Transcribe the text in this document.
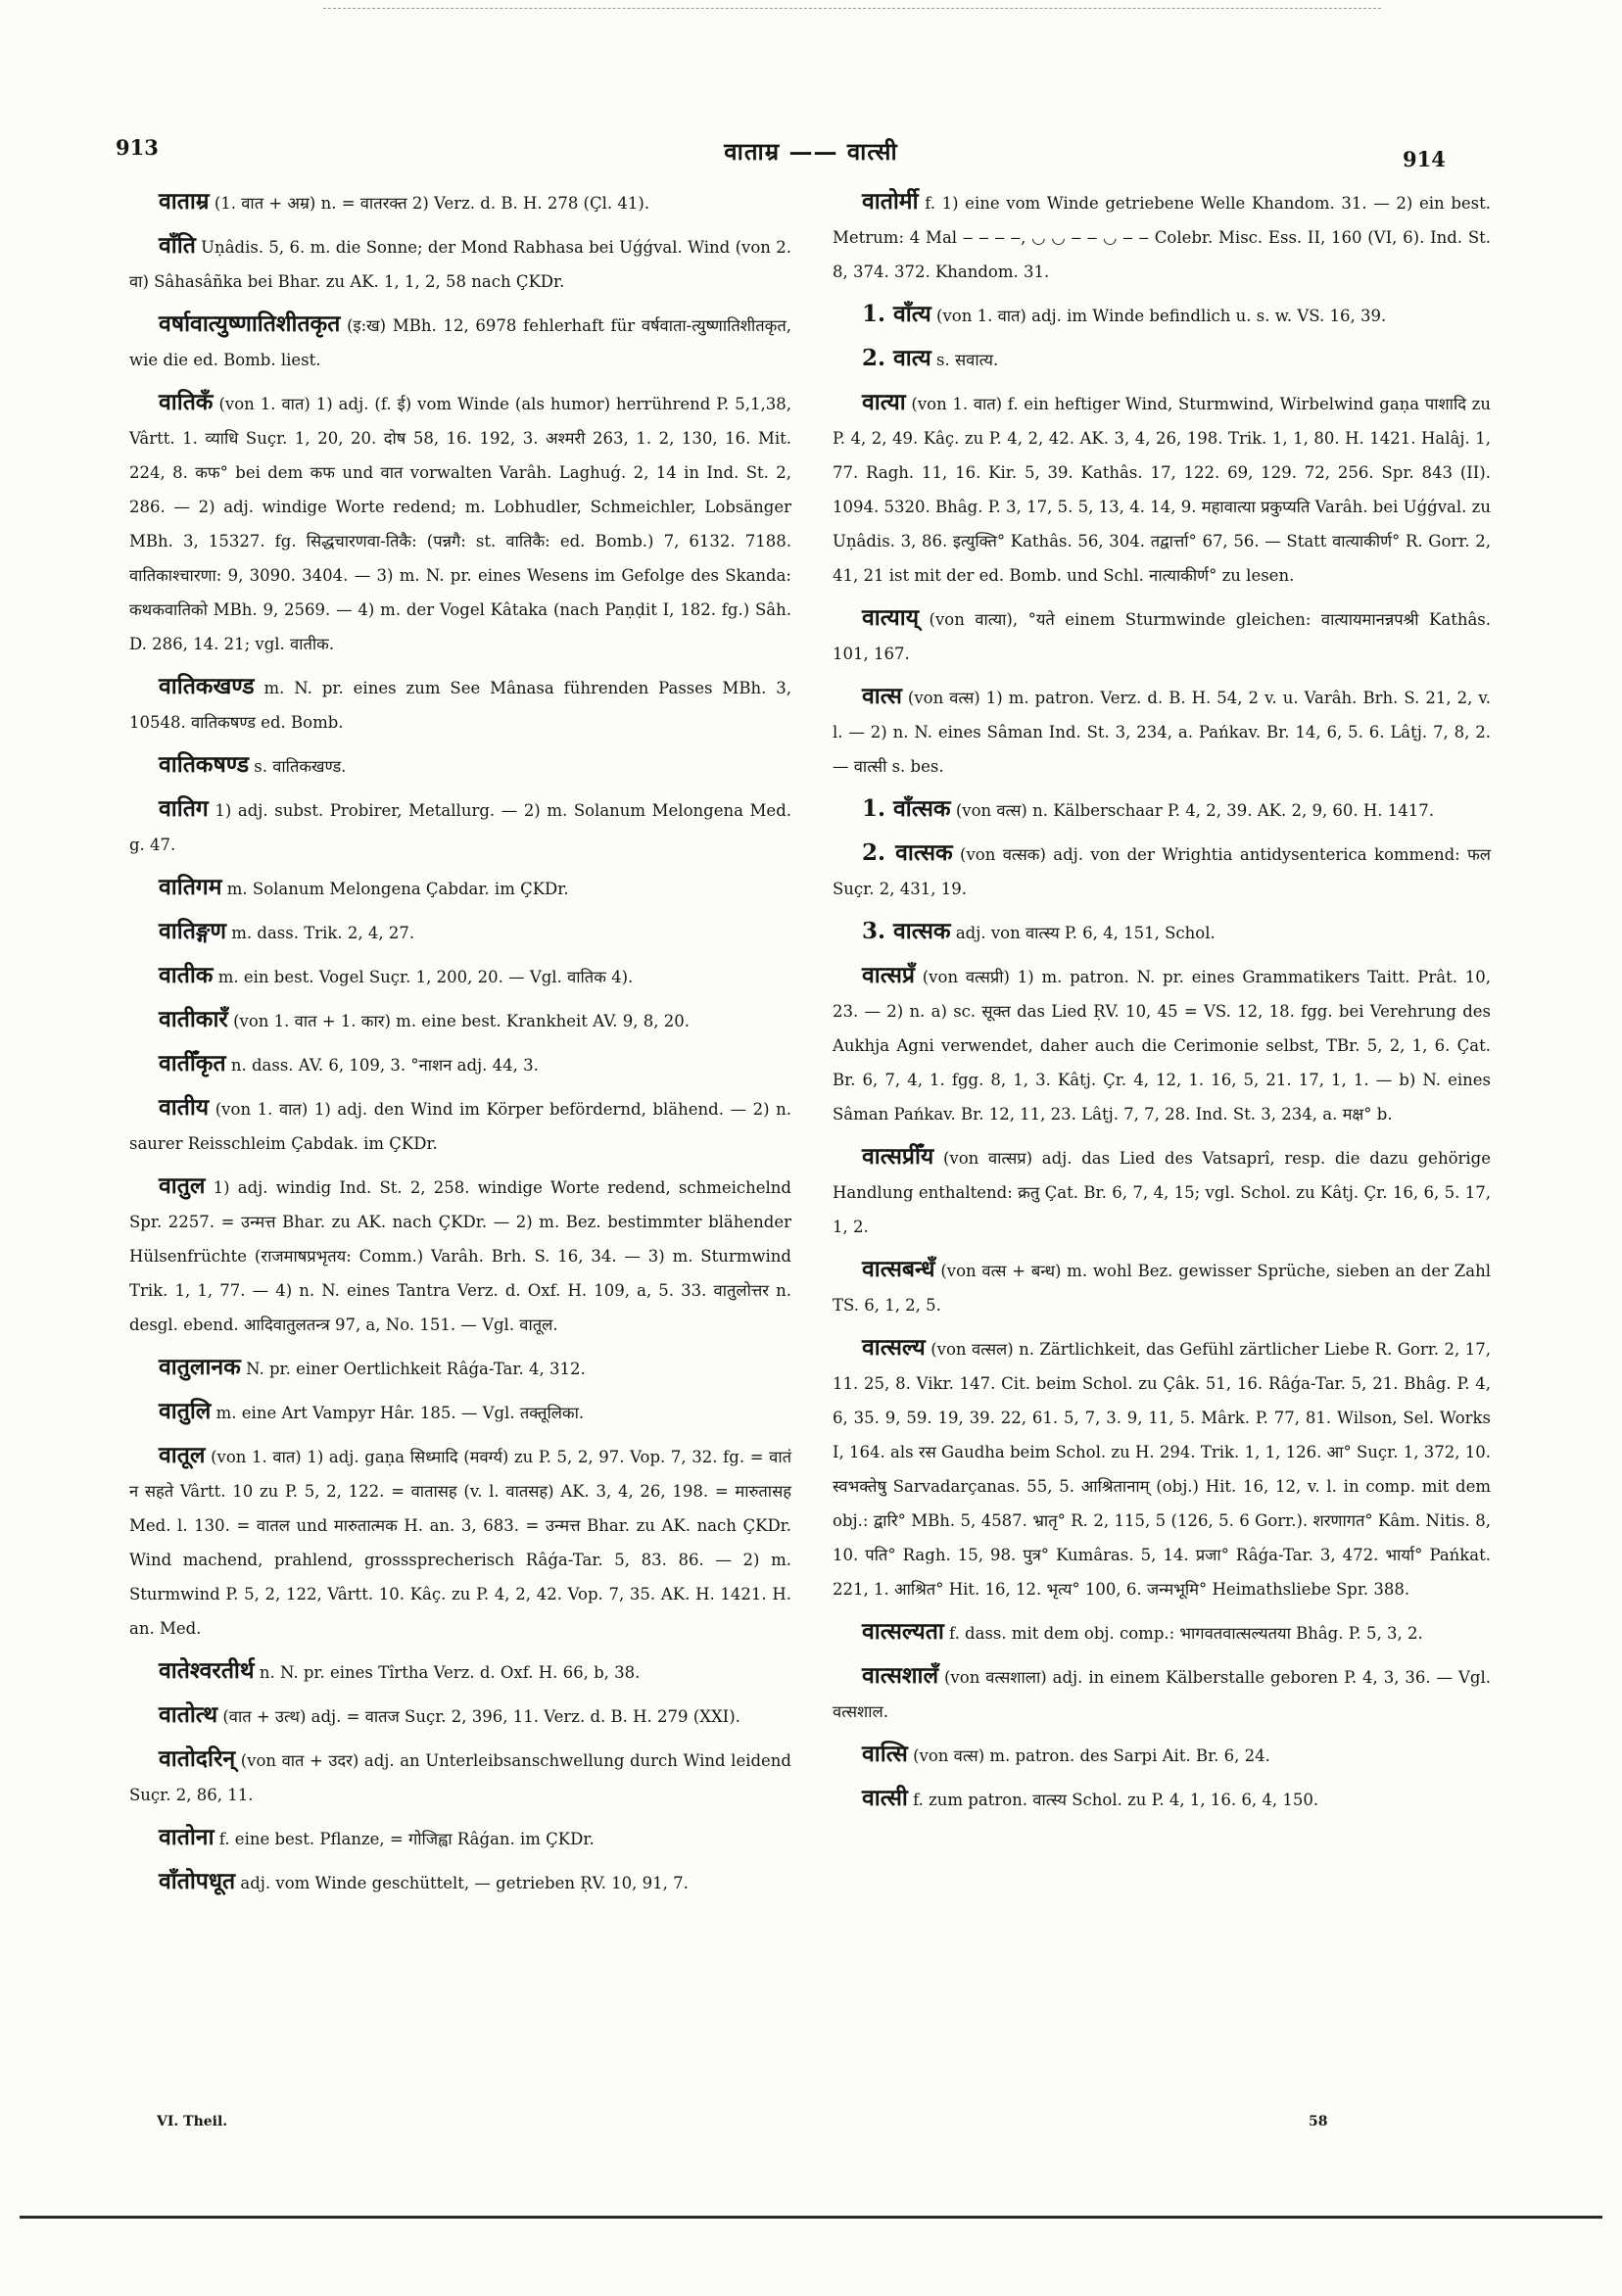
913	वाताम्र —— वात्सी	914

वाताम्र (1. वात + अम्र) n. = वातरक्त 2) Verz. d. B. H. 278 (Çl. 41).

वाँति Uṇâdis. 5, 6. m. die Sonne; der Mond Rabhasa bei Uǵǵval. Wind (von 2. वा) Sâhasâñka bei Bhar. zu AK. 1, 1, 2, 58 nach ÇKDr.

वर्षावात्युष्णातिशीतकृत (इ:ख) MBh. 12, 6978 fehlerhaft für वर्षवाता-त्युष्णातिशीतकृत, wie die ed. Bomb. liest.

वातिकँ (von 1. वात) 1) adj. (f. ई) vom Winde (als humor) herrührend P. 5,1,38, Vârtt. 1. व्याधि Suçr. 1, 20, 20. दोष 58, 16. 192, 3. अश्मरी 263, 1. 2, 130, 16. Mit. 224, 8. कफ° bei dem कफ und वात vorwalten Varâh. Laghuǵ. 2, 14 in Ind. St. 2, 286. — 2) adj. windige Worte redend; m. Lobhudler, Schmeichler, Lobsänger MBh. 3, 15327. fg. सिद्धचारणवा-तिकै: (पन्नगै: st. वातिकै: ed. Bomb.) 7, 6132. 7188. वातिकाश्चारणा: 9, 3090. 3404. — 3) m. N. pr. eines Wesens im Gefolge des Skanda: कथकवातिको MBh. 9, 2569. — 4) m. der Vogel Kâtaka (nach Paṇḍit I, 182. fg.) Sâh. D. 286, 14. 21; vgl. वातीक.

वातिकखण्ड m. N. pr. eines zum See Mânasa führenden Passes MBh. 3, 10548. वातिकषण्ड ed. Bomb.

वातिकषण्ड s. वातिकखण्ड.

वातिग 1) adj. subst. Probirer, Metallurg. — 2) m. Solanum Melongena Med. g. 47.

वातिगम m. Solanum Melongena Çabdar. im ÇKDr.

वातिङ्गण m. dass. Trik. 2, 4, 27.

वातीक m. ein best. Vogel Suçr. 1, 200, 20. — Vgl. वातिक 4).

वातीकारँ (von 1. वात + 1. कार) m. eine best. Krankheit AV. 9, 8, 20.

वातीँकृत n. dass. AV. 6, 109, 3. °नाशन adj. 44, 3.

वातीय (von 1. वात) 1) adj. den Wind im Körper befördernd, blähend. — 2) n. saurer Reisschleim Çabdak. im ÇKDr.

वातुल 1) adj. windig Ind. St. 2, 258. windige Worte redend, schmeichelnd Spr. 2257. = उन्मत्त Bhar. zu AK. nach ÇKDr. — 2) m. Bez. bestimmter blähender Hülsenfrüchte (राजमाषप्रभृतय: Comm.) Varâh. Brh. S. 16, 34. — 3) m. Sturmwind Trik. 1, 1, 77. — 4) n. N. eines Tantra Verz. d. Oxf. H. 109, a, 5. 33. वातुलोत्तर n. desgl. ebend. आदिवातुलतन्त्र 97, a, No. 151. — Vgl. वातूल.

वातुलानक N. pr. einer Oertlichkeit Râǵa-Tar. 4, 312.

वातुलि m. eine Art Vampyr Hâr. 185. — Vgl. तक्तूलिका.

वातूल (von 1. वात) 1) adj. gaṇa सिध्मादि (मवर्ग्य) zu P. 5, 2, 97. Vop. 7, 32. fg. = वातं न सहते Vârtt. 10 zu P. 5, 2, 122. = वातासह (v. l. वातसह) AK. 3, 4, 26, 198. = मारुतासह Med. l. 130. = वातल und मारुतात्मक H. an. 3, 683. = उन्मत्त Bhar. zu AK. nach ÇKDr. Wind machend, prahlend, grosssprecherisch Râǵa-Tar. 5, 83. 86. — 2) m. Sturmwind P. 5, 2, 122, Vârtt. 10. Kâç. zu P. 4, 2, 42. Vop. 7, 35. AK. H. 1421. H. an. Med.

वातेश्वरतीर्थ n. N. pr. eines Tîrtha Verz. d. Oxf. H. 66, b, 38.

वातोत्थ (वात + उत्थ) adj. = वातज Suçr. 2, 396, 11. Verz. d. B. H. 279 (XXI).

वातोदरिन् (von वात + उदर) adj. an Unterleibsanschwellung durch Wind leidend Suçr. 2, 86, 11.

वातोना f. eine best. Pflanze, = गोजिह्वा Râǵan. im ÇKDr.

वाँतोपधूत adj. vom Winde geschüttelt, — getrieben ṚV. 10, 91, 7.

वातोर्मी f. 1) eine vom Winde getriebene Welle Khandom. 31. — 2) ein best. Metrum: 4 Mal ‒ ‒ ‒ ‒, ◡ ◡ ‒ ‒ ◡ ‒ ‒ Colebr. Misc. Ess. II, 160 (VI, 6). Ind. St. 8, 374. 372. Khandom. 31.

1. वाँत्य (von 1. वात) adj. im Winde befindlich u. s. w. VS. 16, 39.

2. वात्य s. सवात्य.

वात्या (von 1. वात) f. ein heftiger Wind, Sturmwind, Wirbelwind gaṇa पाशादि zu P. 4, 2, 49. Kâç. zu P. 4, 2, 42. AK. 3, 4, 26, 198. Trik. 1, 1, 80. H. 1421. Halâj. 1, 77. Ragh. 11, 16. Kir. 5, 39. Kathâs. 17, 122. 69, 129. 72, 256. Spr. 843 (II). 1094. 5320. Bhâg. P. 3, 17, 5. 5, 13, 4. 14, 9. महावात्या प्रकुप्यति Varâh. bei Uǵǵval. zu Uṇâdis. 3, 86. इत्युक्ति° Kathâs. 56, 304. तद्वार्त्ता° 67, 56. — Statt वात्याकीर्ण° R. Gorr. 2, 41, 21 ist mit der ed. Bomb. und Schl. नात्याकीर्ण° zu lesen.

वात्याय् (von वात्या), °यते einem Sturmwinde gleichen: वात्यायमानन्नपश्री Kathâs. 101, 167.

वात्स (von वत्स) 1) m. patron. Verz. d. B. H. 54, 2 v. u. Varâh. Brh. S. 21, 2, v. l. — 2) n. N. eines Sâman Ind. St. 3, 234, a. Pańkav. Br. 14, 6, 5. 6. Lâṭj. 7, 8, 2. — वात्सी s. bes.

1. वाँत्सक (von वत्स) n. Kälberschaar P. 4, 2, 39. AK. 2, 9, 60. H. 1417.

2. वात्सक (von वत्सक) adj. von der Wrightia antidysenterica kommend: फल Suçr. 2, 431, 19.

3. वात्सक adj. von वात्स्य P. 6, 4, 151, Schol.

वात्सप्रँ (von वत्सप्री) 1) m. patron. N. pr. eines Grammatikers Taitt. Prât. 10, 23. — 2) n. a) sc. सूक्त das Lied ṚV. 10, 45 = VS. 12, 18. fgg. bei Verehrung des Aukhja Agni verwendet, daher auch die Cerimonie selbst, TBr. 5, 2, 1, 6. Çat. Br. 6, 7, 4, 1. fgg. 8, 1, 3. Kâtj. Çr. 4, 12, 1. 16, 5, 21. 17, 1, 1. — b) N. eines Sâman Pańkav. Br. 12, 11, 23. Lâṭj. 7, 7, 28. Ind. St. 3, 234, a. मक्ष° b.

वात्सप्रीँय (von वात्सप्र) adj. das Lied des Vatsaprî, resp. die dazu gehörige Handlung enthaltend: क्रतु Çat. Br. 6, 7, 4, 15; vgl. Schol. zu Kâtj. Çr. 16, 6, 5. 17, 1, 2.

वात्सबन्धँ (von वत्स + बन्ध) m. wohl Bez. gewisser Sprüche, sieben an der Zahl TS. 6, 1, 2, 5.

वात्सल्य (von वत्सल) n. Zärtlichkeit, das Gefühl zärtlicher Liebe R. Gorr. 2, 17, 11. 25, 8. Vikr. 147. Cit. beim Schol. zu Çâk. 51, 16. Râǵa-Tar. 5, 21. Bhâg. P. 4, 6, 35. 9, 59. 19, 39. 22, 61. 5, 7, 3. 9, 11, 5. Mârk. P. 77, 81. Wilson, Sel. Works I, 164. als रस Gaudha beim Schol. zu H. 294. Trik. 1, 1, 126. आ° Suçr. 1, 372, 10. स्वभक्तेषु Sarvadarçanas. 55, 5. आश्रितानाम् (obj.) Hit. 16, 12, v. l. in comp. mit dem obj.: द्वारि° MBh. 5, 4587. भ्रातृ° R. 2, 115, 5 (126, 5. 6 Gorr.). शरणागत° Kâm. Nitis. 8, 10. पति° Ragh. 15, 98. पुत्र° Kumâras. 5, 14. प्रजा° Râǵa-Tar. 3, 472. भार्या° Pańkat. 221, 1. आश्रित° Hit. 16, 12. भृत्य° 100, 6. जन्मभूमि° Heimathsliebe Spr. 388.

वात्सल्यता f. dass. mit dem obj. comp.: भागवतवात्सल्यतया Bhâg. P. 5, 3, 2.

वात्सशालँ (von वत्सशाला) adj. in einem Kälberstalle geboren P. 4, 3, 36. — Vgl. वत्सशाल.

वात्सि (von वत्स) m. patron. des Sarpi Ait. Br. 6, 24.

वात्सी f. zum patron. वात्स्य Schol. zu P. 4, 1, 16. 6, 4, 150.

VI. Theil.	58
